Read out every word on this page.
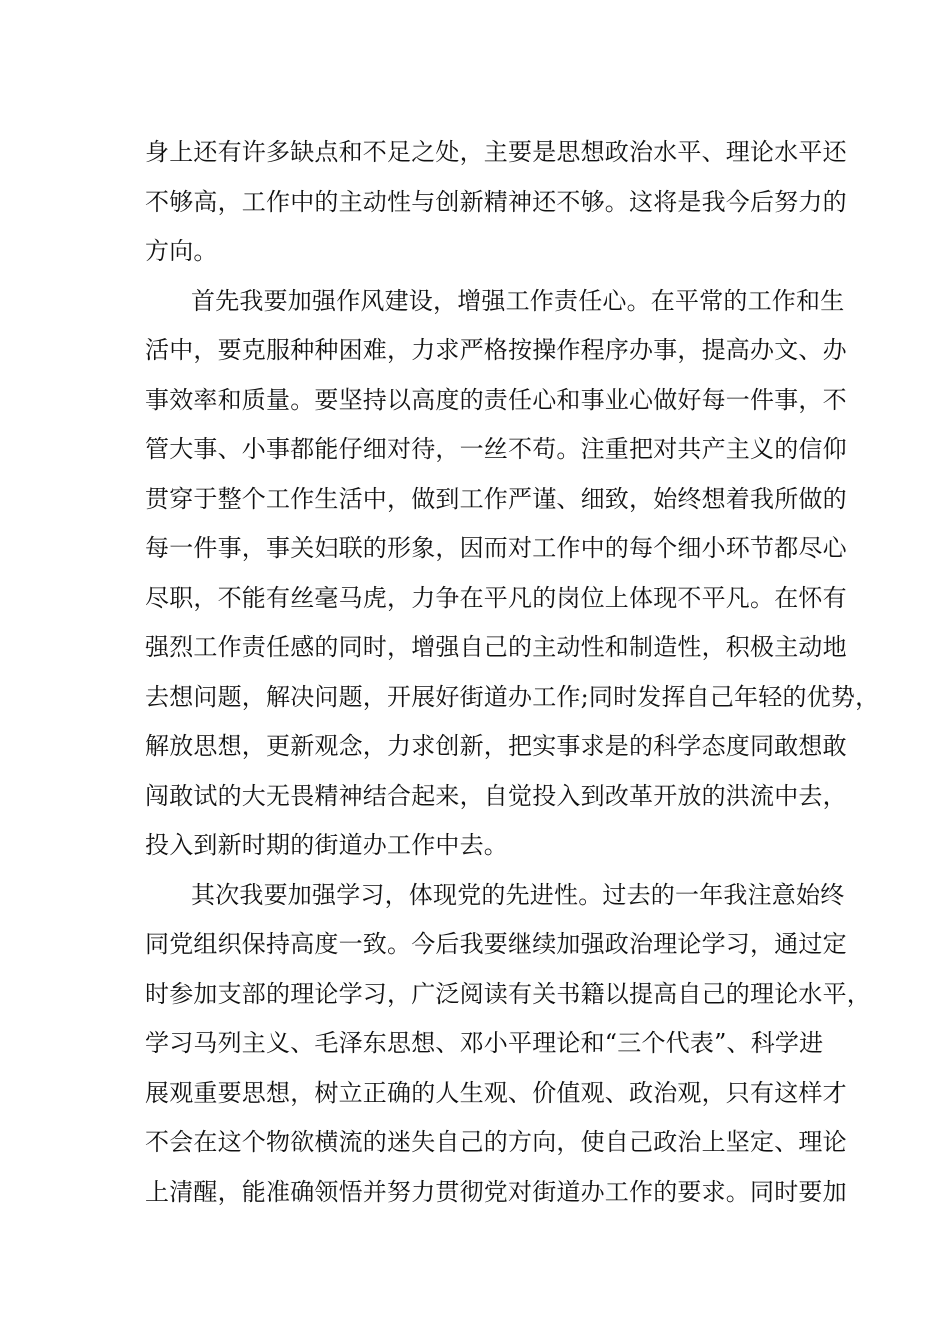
身上还有许多缺点和不足之处，主要是思想政治水平、理论水平还
不够高，工作中的主动性与创新精神还不够。这将是我今后努力的
方向。
首先我要加强作风建设，增强工作责任心。在平常的工作和生
活中，要克服种种困难，力求严格按操作程序办事，提高办文、办
事效率和质量。要坚持以高度的责任心和事业心做好每一件事，不
管大事、小事都能仔细对待，一丝不苟。注重把对共产主义的信仰
贯穿于整个工作生活中，做到工作严谨、细致，始终想着我所做的
每一件事，事关妇联的形象，因而对工作中的每个细小环节都尽心
尽职，不能有丝毫马虎，力争在平凡的岗位上体现不平凡。在怀有
强烈工作责任感的同时，增强自己的主动性和制造性，积极主动地
去想问题，解决问题，开展好街道办工作;同时发挥自己年轻的优势，
解放思想，更新观念，力求创新，把实事求是的科学态度同敢想敢
闯敢试的大无畏精神结合起来，自觉投入到改革开放的洪流中去，
投入到新时期的街道办工作中去。
其次我要加强学习，体现党的先进性。过去的一年我注意始终
同党组织保持高度一致。今后我要继续加强政治理论学习，通过定
时参加支部的理论学习，广泛阅读有关书籍以提高自己的理论水平，
学习马列主义、毛泽东思想、邓小平理论和“三个代表”、科学进
展观重要思想，树立正确的人生观、价值观、政治观，只有这样才
不会在这个物欲横流的迷失自己的方向，使自己政治上坚定、理论
上清醒，能准确领悟并努力贯彻党对街道办工作的要求。同时要加
